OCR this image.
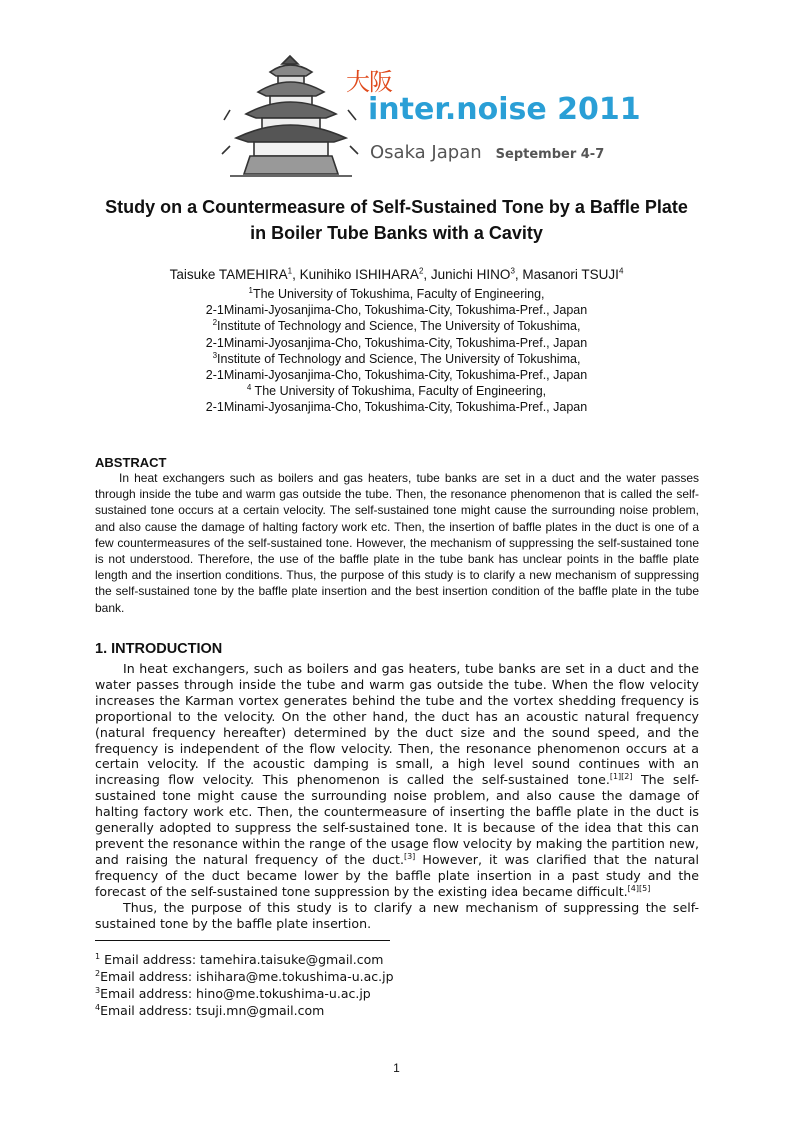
大阪
inter.noise 2011
Osaka Japan September 4-7
Study on a Countermeasure of Self-Sustained Tone by a Baffle Plate
in Boiler Tube Banks with a Cavity
Taisuke TAMEHIRA$^1$, Kunihiko ISHIHARA$^2$, Junichi HINO$^3$, Masanori TSUJI$^4$
$^1$The University of Tokushima, Faculty of Engineering,
2-1Minami-Jyosanjima-Cho, Tokushima-City, Tokushima-Pref., Japan
$^2$Institute of Technology and Science, The University of Tokushima,
2-1Minami-Jyosanjima-Cho, Tokushima-City, Tokushima-Pref., Japan
$^3$Institute of Technology and Science, The University of Tokushima,
2-1Minami-Jyosanjima-Cho, Tokushima-City, Tokushima-Pref., Japan
$^4$ The University of Tokushima, Faculty of Engineering,
2-1Minami-Jyosanjima-Cho, Tokushima-City, Tokushima-Pref., Japan
ABSTRACT

In heat exchangers such as boilers and gas heaters, tube banks are set in a duct and the water passes through inside the tube and warm gas outside the tube. Then, the resonance phenomenon that is called the self-sustained tone occurs at a certain velocity. The self-sustained tone might cause the surrounding noise problem, and also cause the damage of halting factory work etc. Then, the insertion of baffle plates in the duct is one of a few countermeasures of the self-sustained tone. However, the mechanism of suppressing the self-sustained tone is not understood. Therefore, the use of the baffle plate in the tube bank has unclear points in the baffle plate length and the insertion conditions. Thus, the purpose of this study is to clarify a new mechanism of suppressing the self-sustained tone by the baffle plate insertion and the best insertion condition of the baffle plate in the tube bank.

1. INTRODUCTION

In heat exchangers, such as boilers and gas heaters, tube banks are set in a duct and the water passes through inside the tube and warm gas outside the tube. When the flow velocity increases the Karman vortex generates behind the tube and the vortex shedding frequency is proportional to the velocity. On the other hand, the duct has an acoustic natural frequency (natural frequency hereafter) determined by the duct size and the sound speed, and the frequency is independent of the flow velocity. Then, the resonance phenomenon occurs at a certain velocity. If the acoustic damping is small, a high level sound continues with an increasing flow velocity. This phenomenon is called the self-sustained tone.[1][2] The self-sustained tone might cause the surrounding noise problem, and also cause the damage of halting factory work etc. Then, the countermeasure of inserting the baffle plate in the duct is generally adopted to suppress the self-sustained tone. It is because of the idea that this can prevent the resonance within the range of the usage flow velocity by making the partition new, and raising the natural frequency of the duct.[3] However, it was clarified that the natural frequency of the duct became lower by the baffle plate insertion in a past study and the forecast of the self-sustained tone suppression by the existing idea became difficult.[4][5]

Thus, the purpose of this study is to clarify a new mechanism of suppressing the self-sustained tone by the baffle plate insertion.

$^1$ Email address: tamehira.taisuke@gmail.com
$^2$Email address: ishihara@me.tokushima-u.ac.jp
$^3$Email address: hino@me.tokushima-u.ac.jp
$^4$Email address: tsuji.mn@gmail.com
1
